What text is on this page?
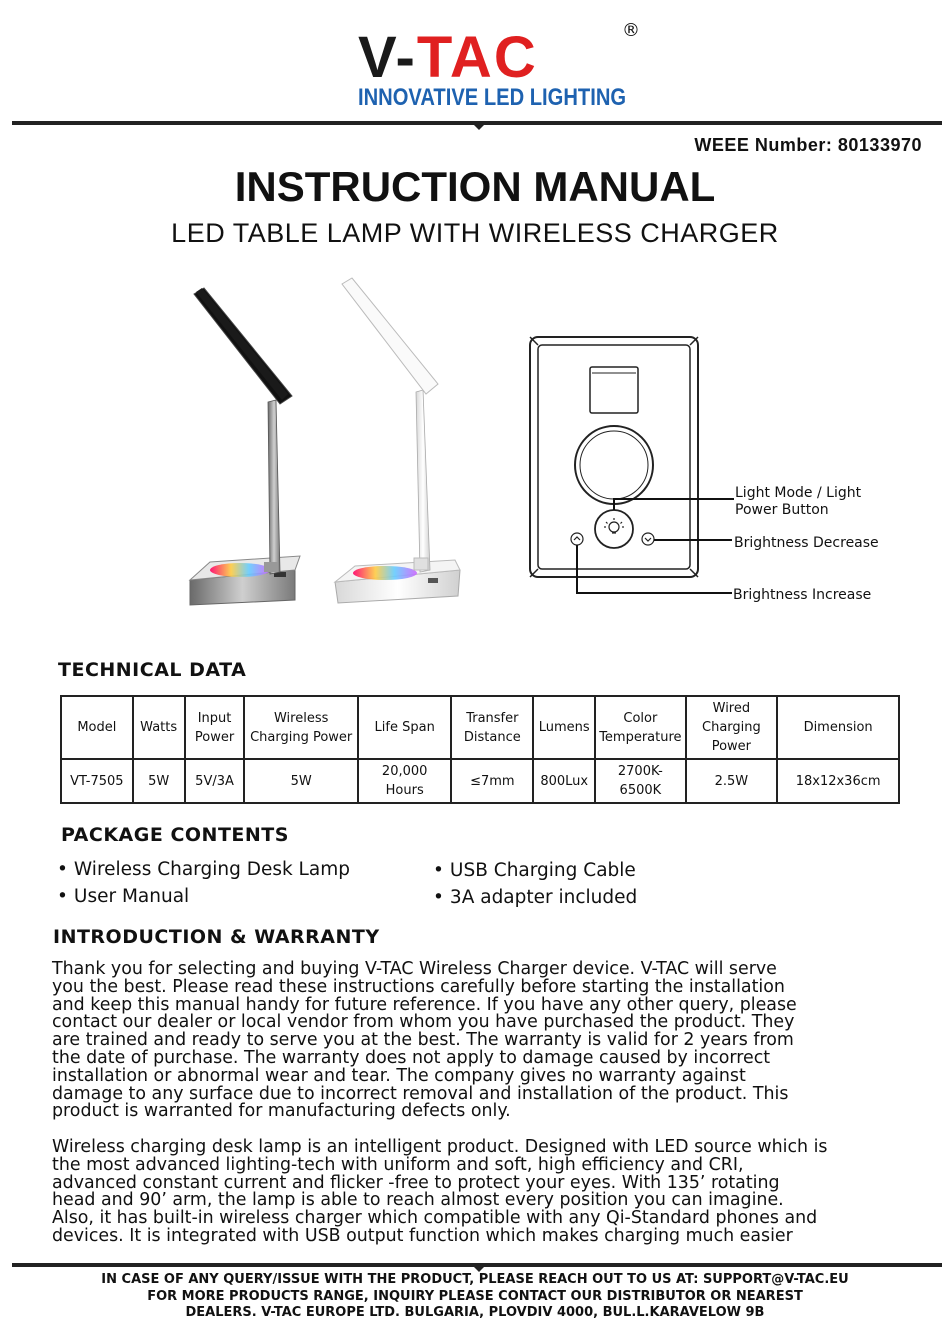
V-TAC	®
INNOVATIVE LED LIGHTING
WEEE Number: 80133970
INSTRUCTION MANUAL
LED TABLE LAMP WITH WIRELESS CHARGER
Light Mode / Light Power Button
Brightness Decrease
Brightness Increase
TECHNICAL DATA
Model	Watts	Input Power	Wireless Charging Power	Life Span	Transfer Distance	Lumens	Color Temperature	Wired Charging Power	Dimension
VT-7505	5W	5V/3A	5W	20,000 Hours	≤7mm	800Lux	2700K-6500K	2.5W	18x12x36cm
PACKAGE CONTENTS
• Wireless Charging Desk Lamp
• User Manual
• USB Charging Cable
• 3A adapter included
INTRODUCTION & WARRANTY
Thank you for selecting and buying V-TAC Wireless Charger device. V-TAC will serve
you the best. Please read these instructions carefully before starting the installation
and keep this manual handy for future reference. If you have any other query, please
contact our dealer or local vendor from whom you have purchased the product. They
are trained and ready to serve you at the best. The warranty is valid for 2 years from
the date of purchase. The warranty does not apply to damage caused by incorrect
installation or abnormal wear and tear. The company gives no warranty against
damage to any surface due to incorrect removal and installation of the product. This
product is warranted for manufacturing defects only.
Wireless charging desk lamp is an intelligent product. Designed with LED source which is
the most advanced lighting-tech with uniform and soft, high efficiency and CRI,
advanced constant current and flicker -free to protect your eyes. With 135’ rotating
head and 90’ arm, the lamp is able to reach almost every position you can imagine.
Also, it has built-in wireless charger which compatible with any Qi-Standard phones and
devices. It is integrated with USB output function which makes charging much easier
IN CASE OF ANY QUERY/ISSUE WITH THE PRODUCT, PLEASE REACH OUT TO US AT: SUPPORT@V-TAC.EU
FOR MORE PRODUCTS RANGE, INQUIRY PLEASE CONTACT OUR DISTRIBUTOR OR NEAREST
DEALERS. V-TAC EUROPE LTD. BULGARIA, PLOVDIV 4000, BUL.L.KARAVELOW 9B
